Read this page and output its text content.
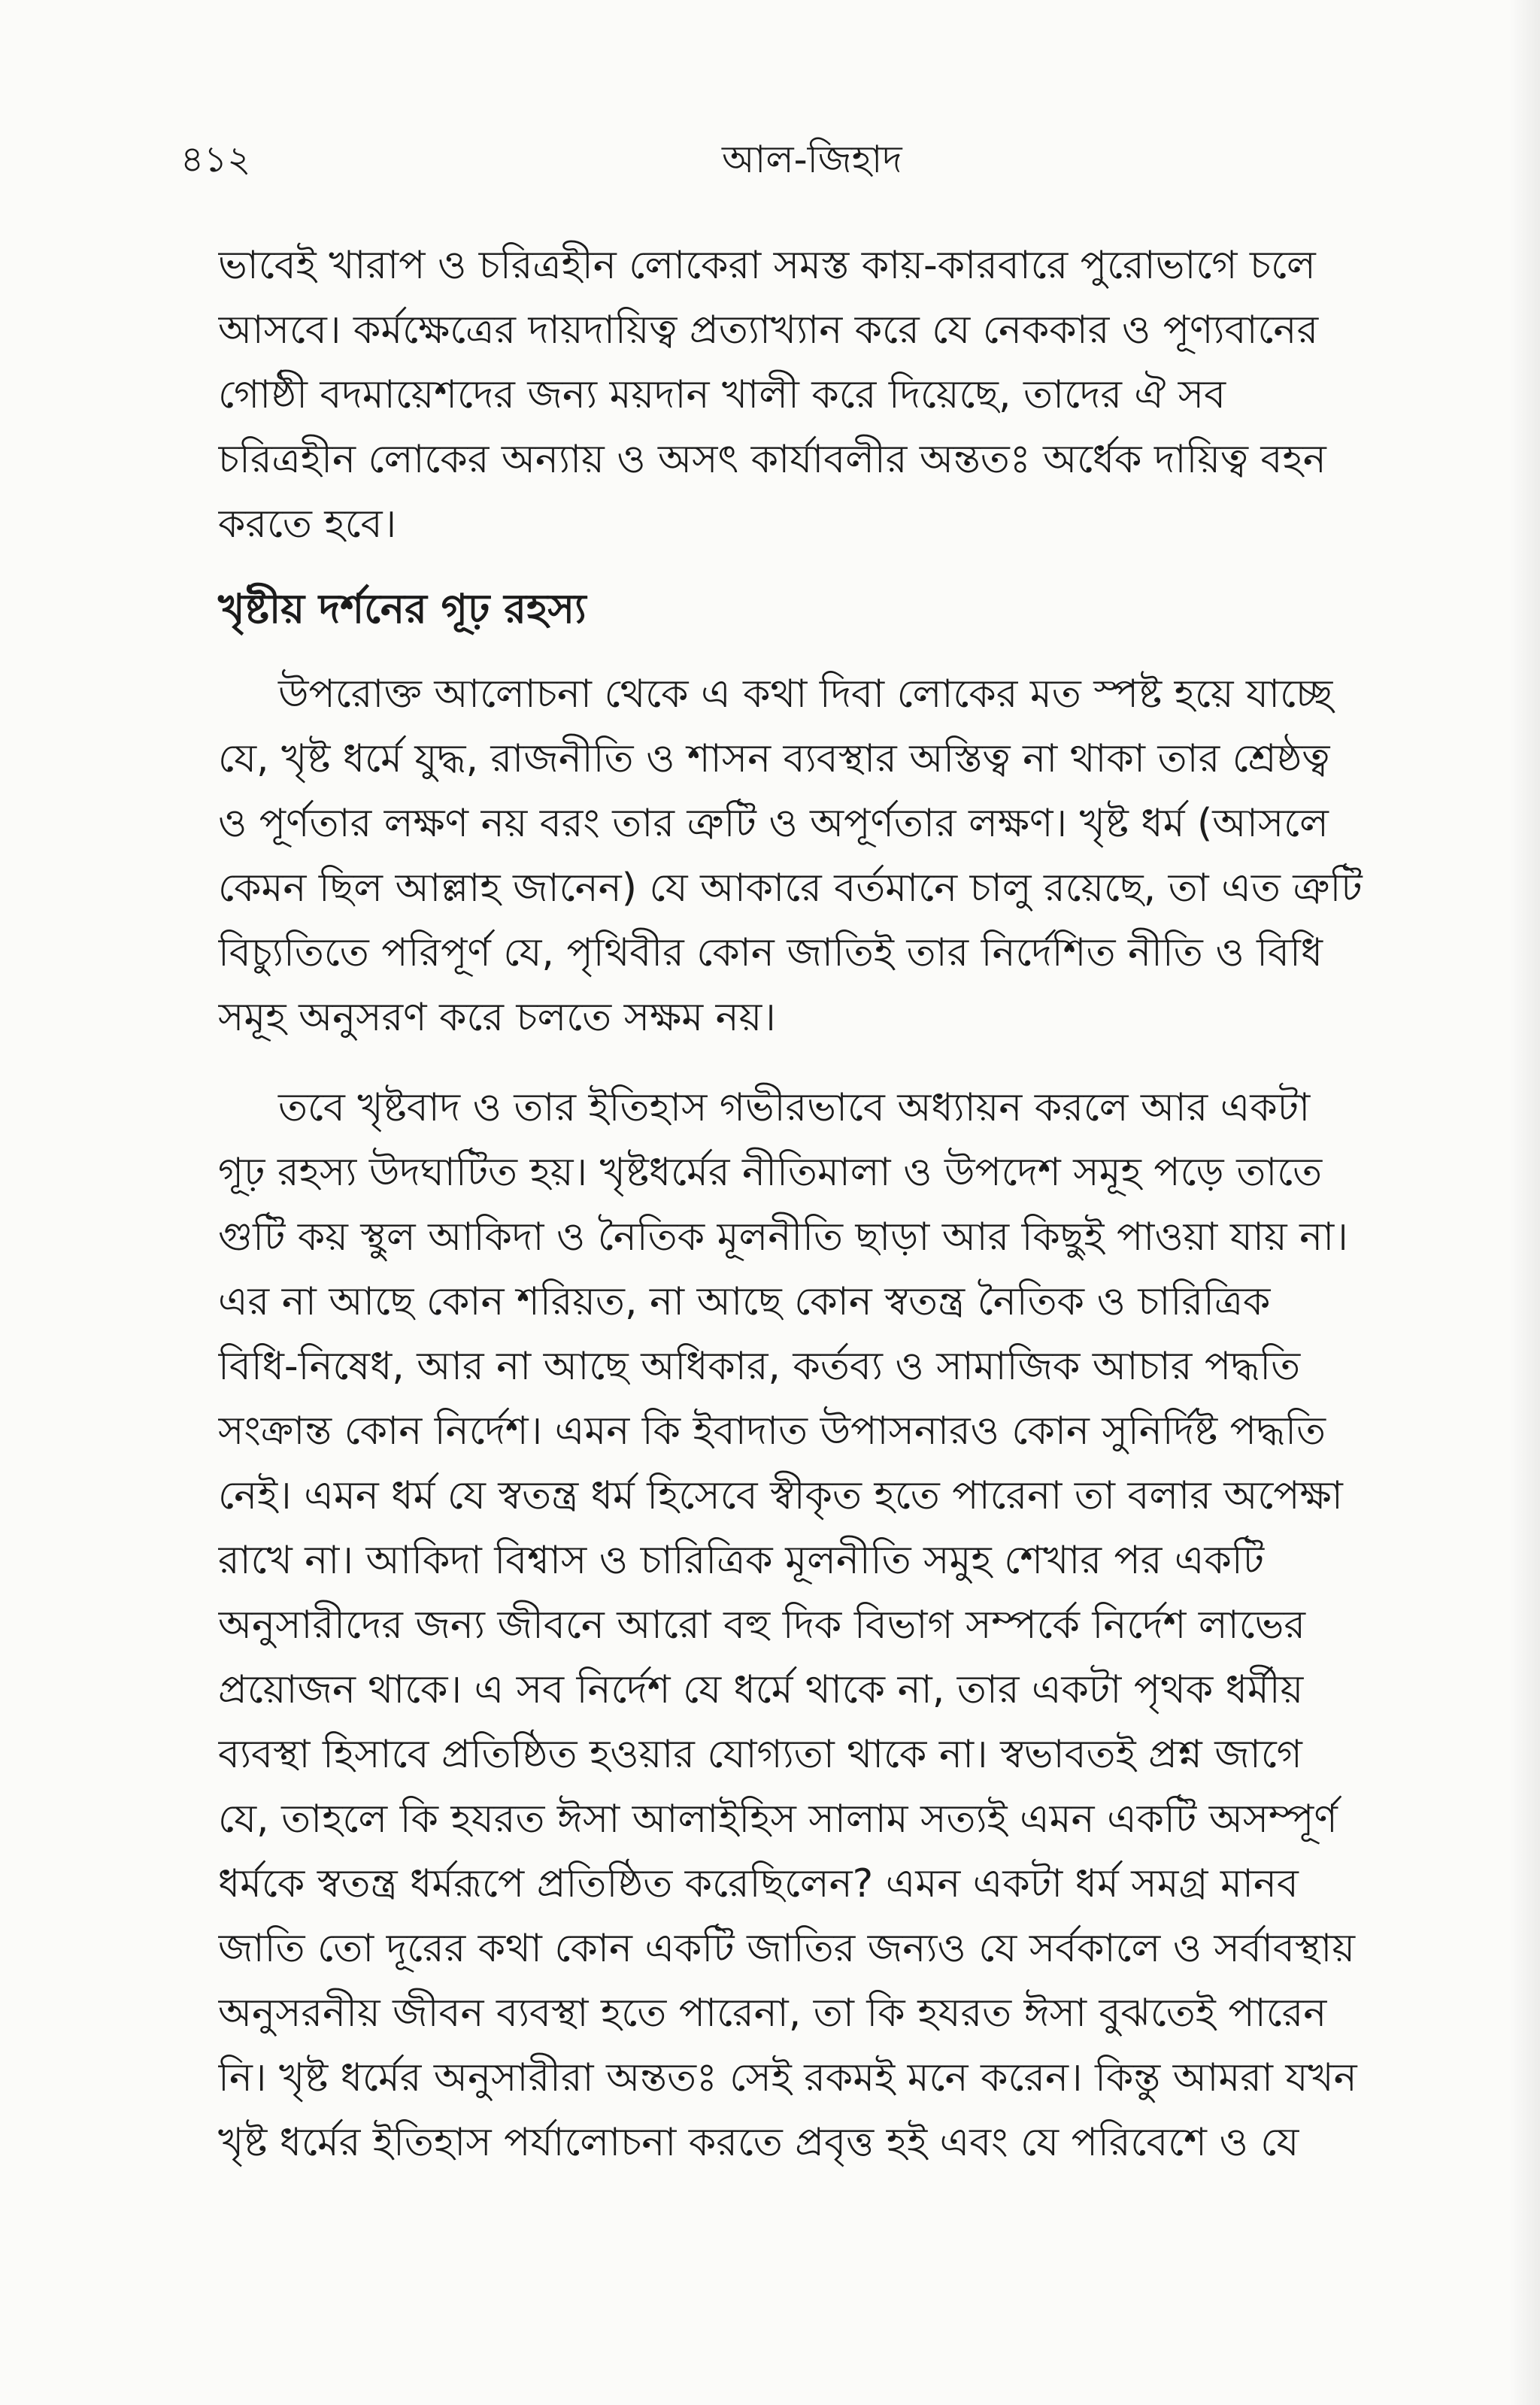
৪১২	আল-জিহাদ
ভাবেই খারাপ ও চরিত্রহীন লোকেরা সমস্ত কায়-কারবারে পুরোভাগে চলে
আসবে। কর্মক্ষেত্রের দায়দায়িত্ব প্রত্যাখ্যান করে যে নেককার ও পূণ্যবানের
গোষ্ঠী বদমায়েশদের জন্য ময়দান খালী করে দিয়েছে, তাদের ঐ সব
চরিত্রহীন লোকের অন্যায় ও অসৎ কার্যাবলীর অন্ততঃ অর্ধেক দায়িত্ব বহন
করতে হবে।
খৃষ্টীয় দর্শনের গূঢ় রহস্য
উপরোক্ত আলোচনা থেকে এ কথা দিবা লোকের মত স্পষ্ট হয়ে যাচ্ছে
যে, খৃষ্ট ধর্মে যুদ্ধ, রাজনীতি ও শাসন ব্যবস্থার অস্তিত্ব না থাকা তার শ্রেষ্ঠত্ব
ও পূর্ণতার লক্ষণ নয় বরং তার ত্রুটি ও অপূর্ণতার লক্ষণ। খৃষ্ট ধর্ম (আসলে
কেমন ছিল আল্লাহ জানেন) যে আকারে বর্তমানে চালু রয়েছে, তা এত ত্রুটি
বিচ্যুতিতে পরিপূর্ণ যে, পৃথিবীর কোন জাতিই তার নির্দেশিত নীতি ও বিধি
সমূহ অনুসরণ করে চলতে সক্ষম নয়।
তবে খৃষ্টবাদ ও তার ইতিহাস গভীরভাবে অধ্যায়ন করলে আর একটা
গূঢ় রহস্য উদঘাটিত হয়। খৃষ্টধর্মের নীতিমালা ও উপদেশ সমূহ পড়ে তাতে
গুটি কয় স্থুল আকিদা ও নৈতিক মূলনীতি ছাড়া আর কিছুই পাওয়া যায় না।
এর না আছে কোন শরিয়ত, না আছে কোন স্বতন্ত্র নৈতিক ও চারিত্রিক
বিধি-নিষেধ, আর না আছে অধিকার, কর্তব্য ও সামাজিক আচার পদ্ধতি
সংক্রান্ত কোন নির্দেশ। এমন কি ইবাদাত উপাসনারও কোন সুনির্দিষ্ট পদ্ধতি
নেই। এমন ধর্ম যে স্বতন্ত্র ধর্ম হিসেবে স্বীকৃত হতে পারেনা তা বলার অপেক্ষা
রাখে না। আকিদা বিশ্বাস ও চারিত্রিক মূলনীতি সমুহ শেখার পর একটি
অনুসারীদের জন্য জীবনে আরো বহু দিক বিভাগ সম্পর্কে নির্দেশ লাভের
প্রয়োজন থাকে। এ সব নির্দেশ যে ধর্মে থাকে না, তার একটা পৃথক ধর্মীয়
ব্যবস্থা হিসাবে প্রতিষ্ঠিত হওয়ার যোগ্যতা থাকে না। স্বভাবতই প্রশ্ন জাগে
যে, তাহলে কি হযরত ঈসা আলাইহিস সালাম সত্যই এমন একটি অসম্পূর্ণ
ধর্মকে স্বতন্ত্র ধর্মরূপে প্রতিষ্ঠিত করেছিলেন? এমন একটা ধর্ম সমগ্র মানব
জাতি তো দূরের কথা কোন একটি জাতির জন্যও যে সর্বকালে ও সর্বাবস্থায়
অনুসরনীয় জীবন ব্যবস্থা হতে পারেনা, তা কি হযরত ঈসা বুঝতেই পারেন
নি। খৃষ্ট ধর্মের অনুসারীরা অন্ততঃ সেই রকমই মনে করেন। কিন্তু আমরা যখন
খৃষ্ট ধর্মের ইতিহাস পর্যালোচনা করতে প্রবৃত্ত হই এবং যে পরিবেশে ও যে
